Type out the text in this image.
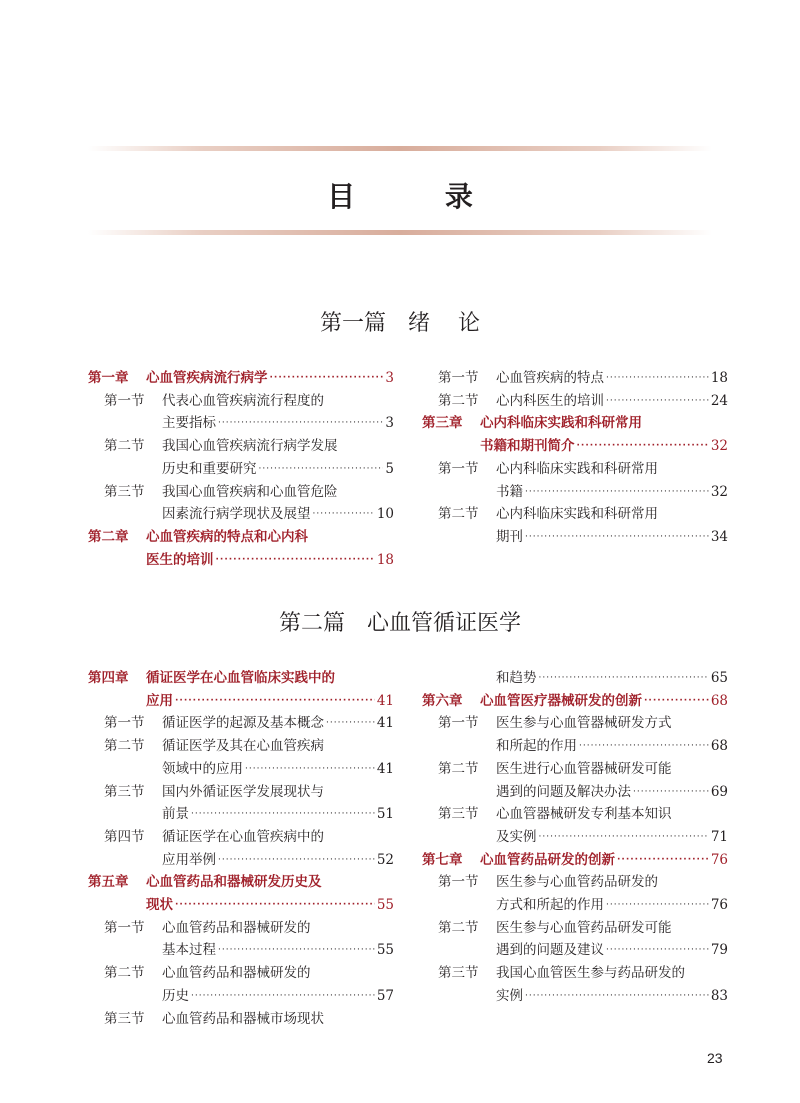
目 录
第一篇 绪    论
第一章	心血管疾病流行病学 ·····	3
第一节	代表心血管疾病流行程度的
主要指标 ·····	3
第二节	我国心血管疾病流行病学发展
历史和重要研究 ·····	5
第三节	我国心血管疾病和心血管危险
因素流行病学现状及展望 ·····	10
第二章	心血管疾病的特点和心内科
医生的培训 ·····	18
第一节	心血管疾病的特点 ·····	18
第二节	心内科医生的培训 ·····	24
第三章	心内科临床实践和科研常用
书籍和期刊简介 ·····	32
第一节	心内科临床实践和科研常用
书籍 ·····	32
第二节	心内科临床实践和科研常用
期刊 ·····	34
第二篇 心血管循证医学
第四章	循证医学在心血管临床实践中的
应用 ·····	41
第一节	循证医学的起源及基本概念 ·····	41
第二节	循证医学及其在心血管疾病
领域中的应用 ·····	41
第三节	国内外循证医学发展现状与
前景 ·····	51
第四节	循证医学在心血管疾病中的
应用举例 ·····	52
第五章	心血管药品和器械研发历史及
现状 ·····	55
第一节	心血管药品和器械研发的
基本过程 ·····	55
第二节	心血管药品和器械研发的
历史 ·····	57
第三节	心血管药品和器械市场现状
和趋势 ·····	65
第六章	心血管医疗器械研发的创新 ·····	68
第一节	医生参与心血管器械研发方式
和所起的作用 ·····	68
第二节	医生进行心血管器械研发可能
遇到的问题及解决办法 ·····	69
第三节	心血管器械研发专利基本知识
及实例 ·····	71
第七章	心血管药品研发的创新 ·····	76
第一节	医生参与心血管药品研发的
方式和所起的作用 ·····	76
第二节	医生参与心血管药品研发可能
遇到的问题及建议 ·····	79
第三节	我国心血管医生参与药品研发的
实例 ·····	83
23
